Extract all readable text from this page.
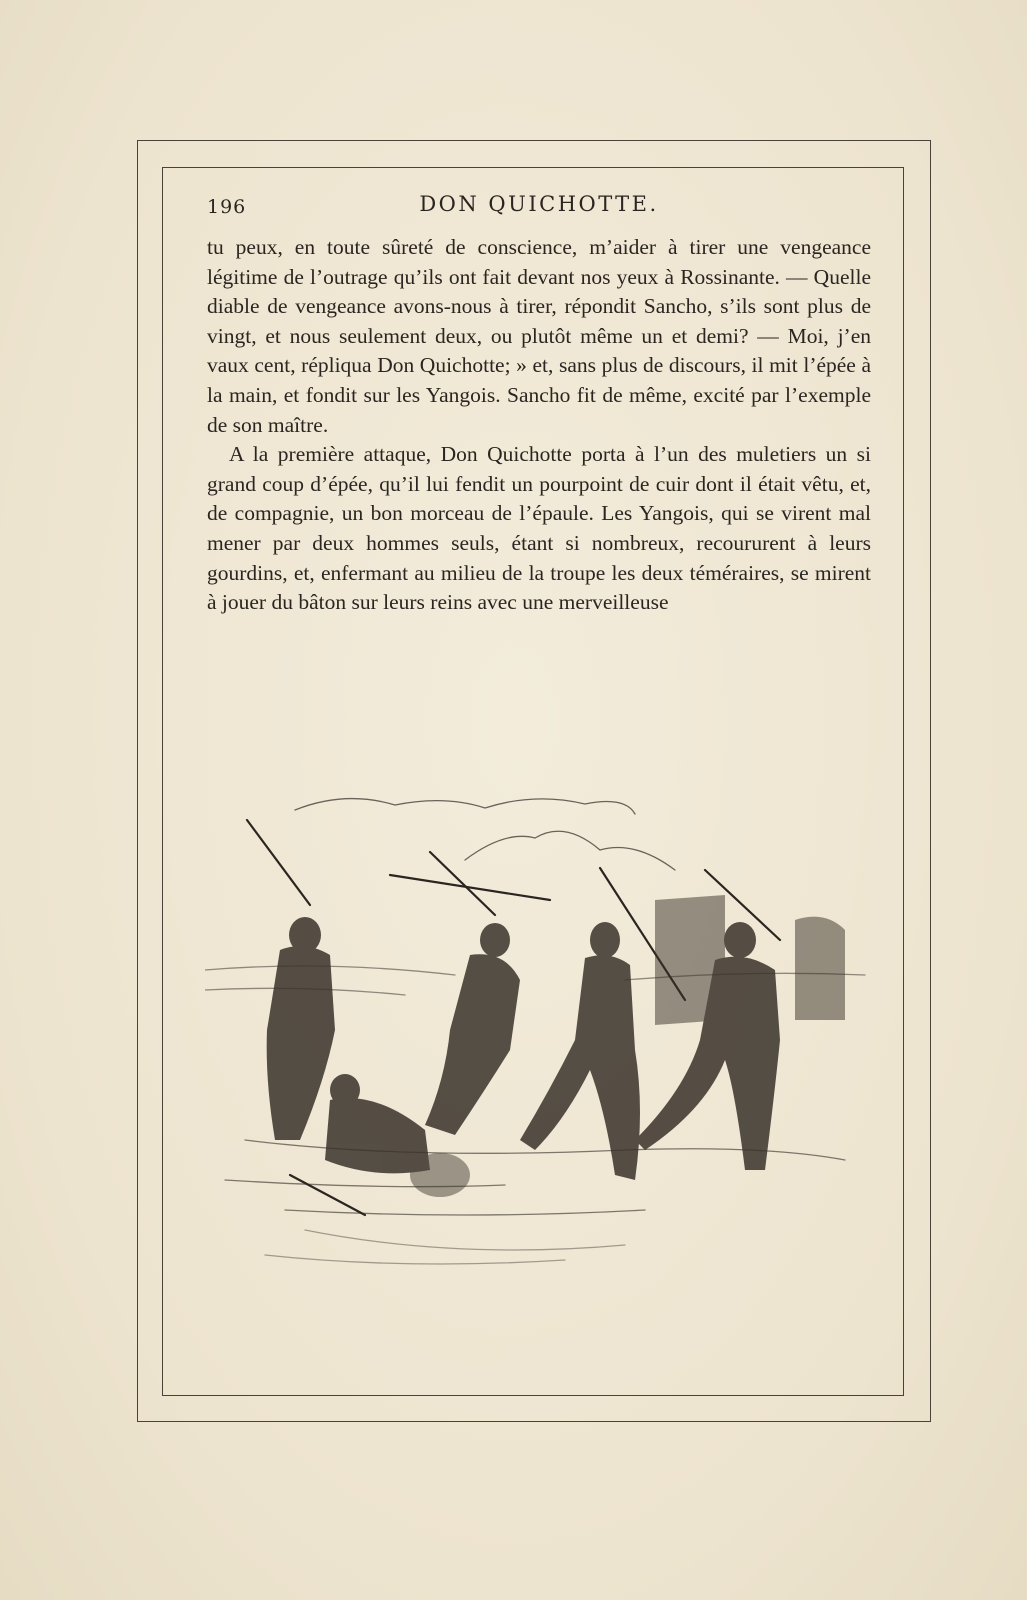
196	DON QUICHOTTE.

tu peux, en toute sûreté de conscience, m’aider à tirer une vengeance légitime de l’outrage qu’ils ont fait devant nos yeux à Rossinante. — Quelle diable de vengeance avons-nous à tirer, répondit Sancho, s’ils sont plus de vingt, et nous seulement deux, ou plutôt même un et demi? — Moi, j’en vaux cent, répliqua Don Quichotte; » et, sans plus de discours, il mit l’épée à la main, et fondit sur les Yangois. Sancho fit de même, excité par l’exemple de son maître.

A la première attaque, Don Quichotte porta à l’un des muletiers un si grand coup d’épée, qu’il lui fendit un pourpoint de cuir dont il était vêtu, et, de compagnie, un bon morceau de l’épaule. Les Yangois, qui se virent mal mener par deux hommes seuls, étant si nombreux, recoururent à leurs gourdins, et, enfermant au milieu de la troupe les deux téméraires, se mirent à jouer du bâton sur leurs reins avec une merveilleuse
